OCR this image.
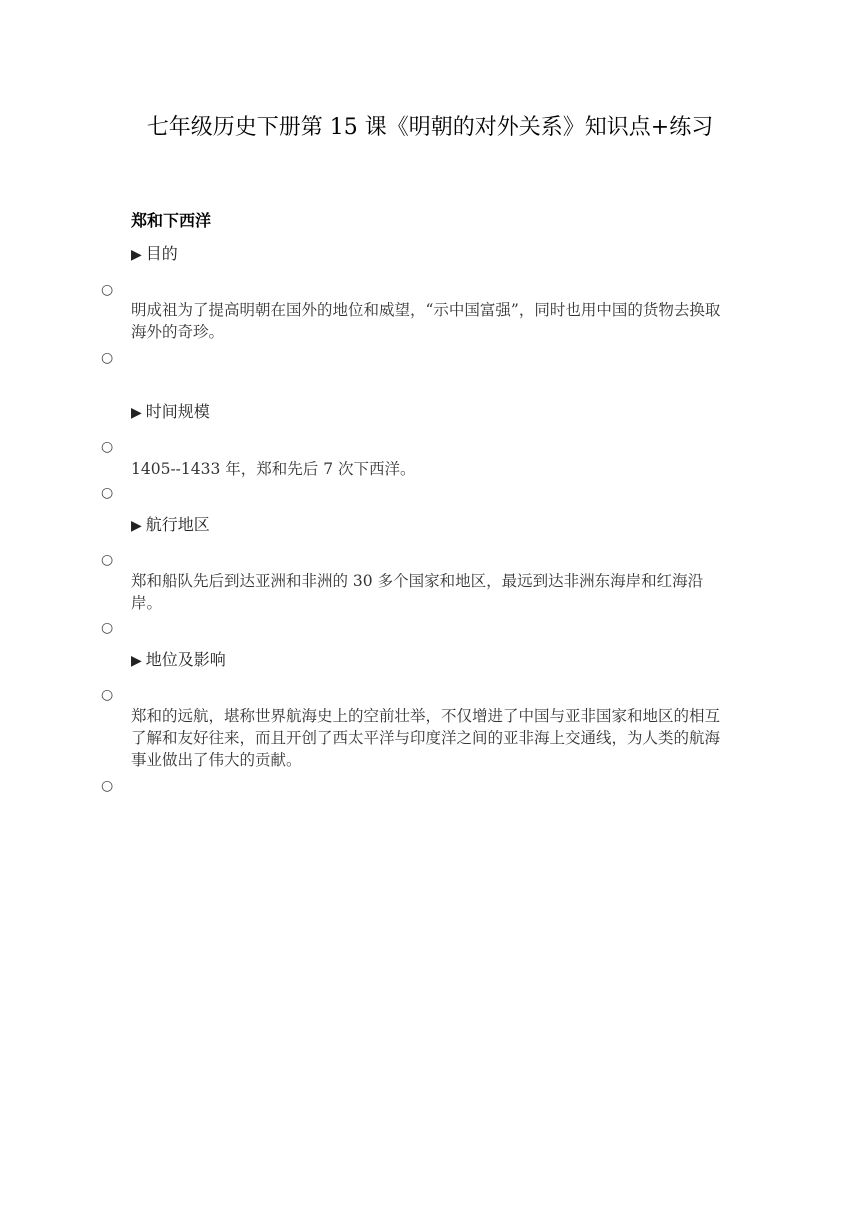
七年级历史下册第 15 课《明朝的对外关系》知识点+练习
郑和下西洋
▶ 目的
○
明成祖为了提高明朝在国外的地位和威望，“示中国富强”，同时也用中国的货物去换取海外的奇珍。
○
▶ 时间规模
○
1405--1433 年，郑和先后 7 次下西洋。
○
▶ 航行地区
○
郑和船队先后到达亚洲和非洲的 30 多个国家和地区，最远到达非洲东海岸和红海沿岸。
○
▶ 地位及影响
○
郑和的远航，堪称世界航海史上的空前壮举，不仅增进了中国与亚非国家和地区的相互了解和友好往来，而且开创了西太平洋与印度洋之间的亚非海上交通线，为人类的航海事业做出了伟大的贡献。
○
